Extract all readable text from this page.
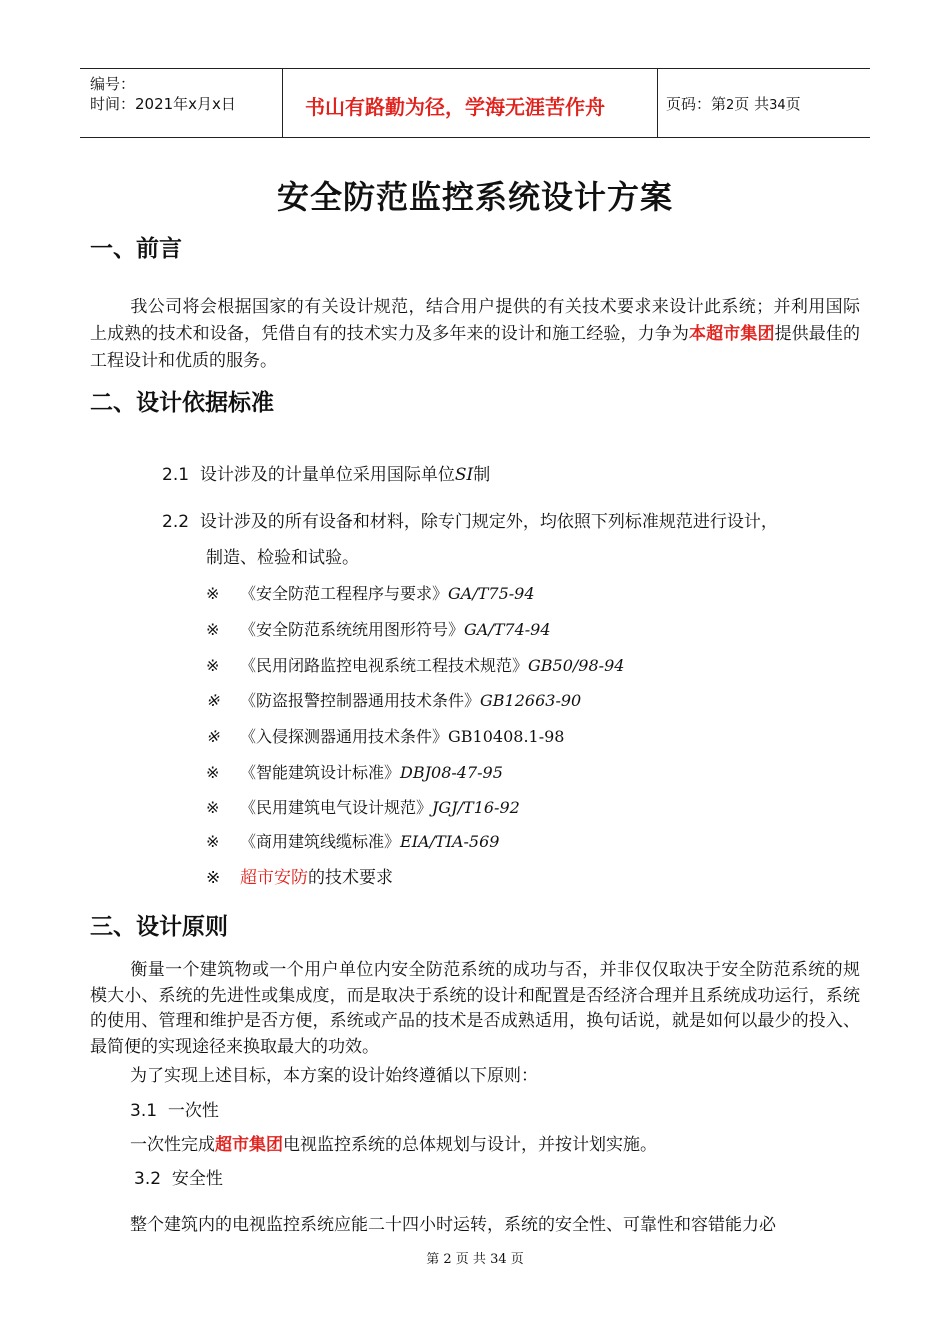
编号：
时间：2021年x月x日	书山有路勤为径，学海无涯苦作舟	页码：第2页 共34页
安全防范监控系统设计方案
一、前言
我公司将会根据国家的有关设计规范，结合用户提供的有关技术要求来设计此系统；并利用国际上成熟的技术和设备，凭借自有的技术实力及多年来的设计和施工经验，力争为本超市集团提供最佳的工程设计和优质的服务。
二、设计依据标准
2.1 设计涉及的计量单位采用国际单位SI制
2.2 设计涉及的所有设备和材料，除专门规定外，均依照下列标准规范进行设计，
制造、检验和试验。
※ 《安全防范工程程序与要求》GA/T75-94
※ 《安全防范系统统用图形符号》GA/T74-94
※ 《民用闭路监控电视系统工程技术规范》GB50/98-94
※ 《防盗报警控制器通用技术条件》GB12663-90
※ 《入侵探测器通用技术条件》GB10408.1-98
※ 《智能建筑设计标准》DBJ08-47-95
※ 《民用建筑电气设计规范》JGJ/T16-92
※ 《商用建筑线缆标准》EIA/TIA-569
※ 超市安防的技术要求
三、设计原则
衡量一个建筑物或一个用户单位内安全防范系统的成功与否，并非仅仅取决于安全防范系统的规模大小、系统的先进性或集成度，而是取决于系统的设计和配置是否经济合理并且系统成功运行，系统的使用、管理和维护是否方便，系统或产品的技术是否成熟适用，换句话说，就是如何以最少的投入、最简便的实现途径来换取最大的功效。
为了实现上述目标，本方案的设计始终遵循以下原则：
3.1 一次性
一次性完成超市集团电视监控系统的总体规划与设计，并按计划实施。
3.2 安全性
整个建筑内的电视监控系统应能二十四小时运转，系统的安全性、可靠性和容错能力必
第 2 页 共 34 页
